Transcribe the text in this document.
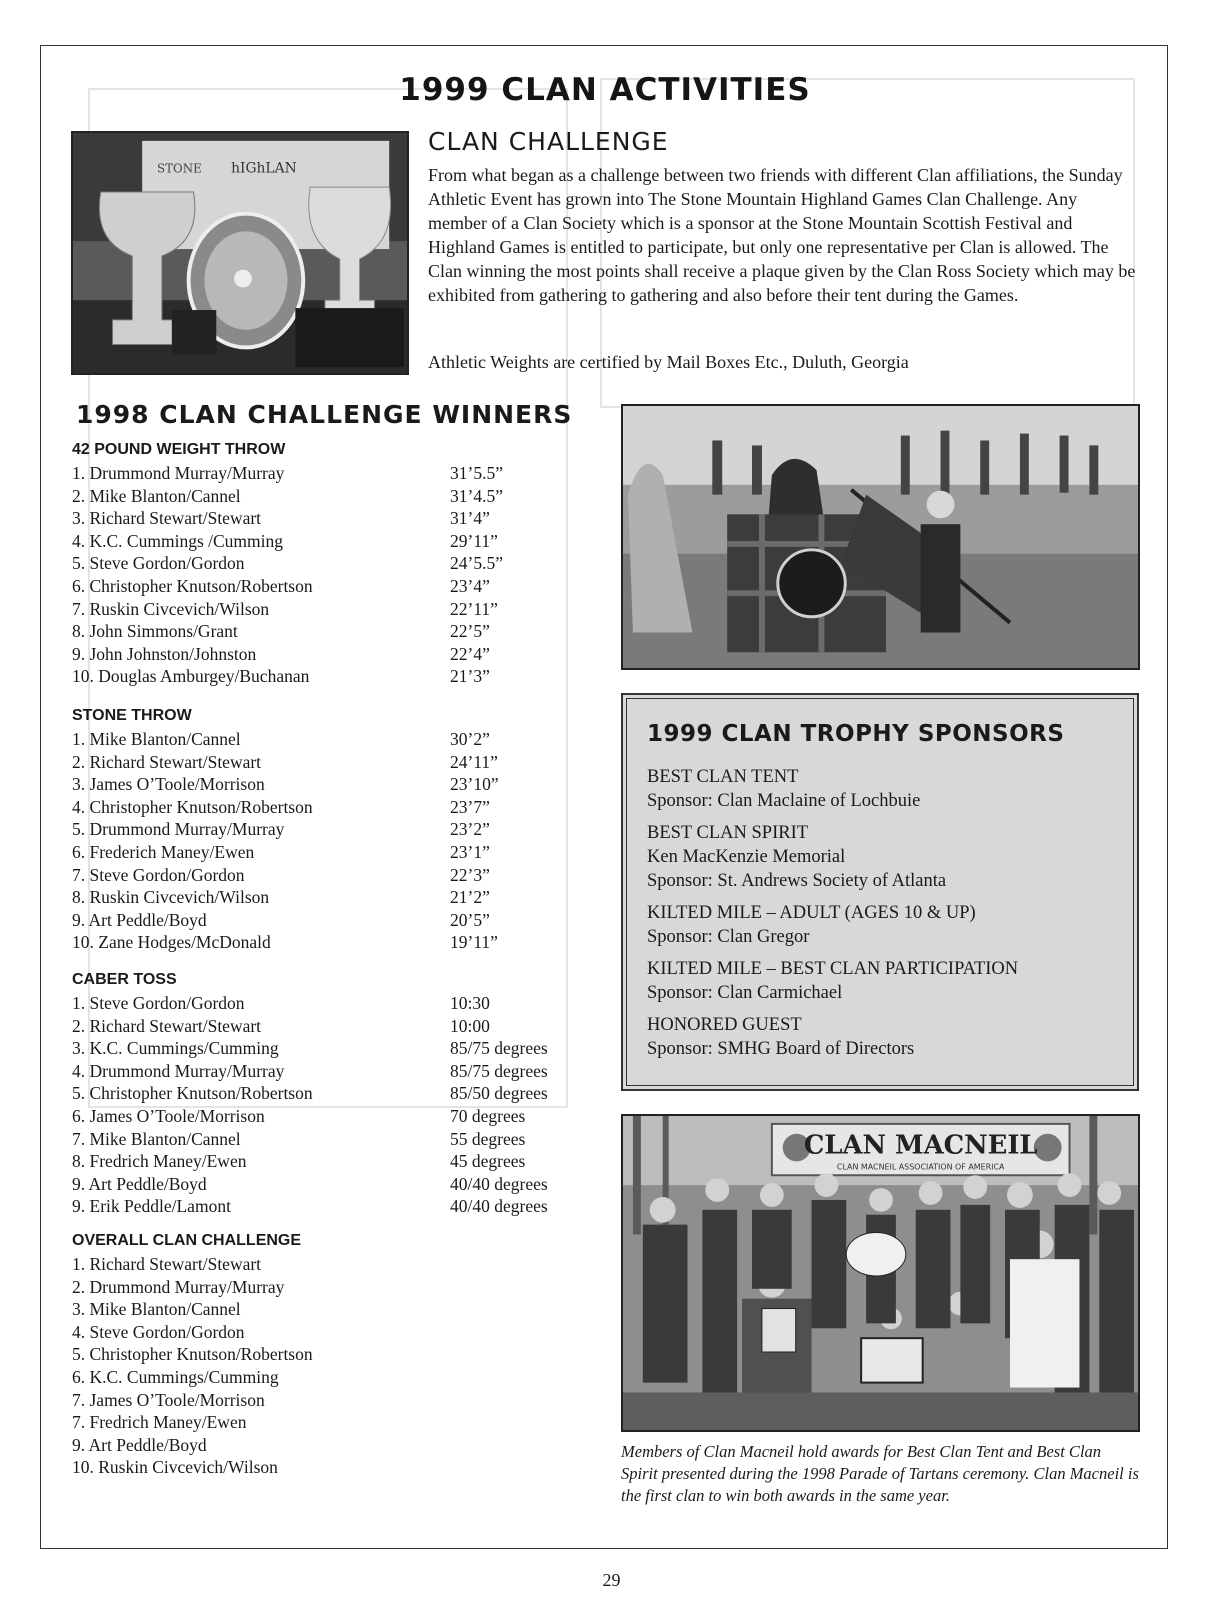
1999 CLAN ACTIVITIES
STONE hIGhLAN
CLAN CHALLENGE

From what began as a challenge between two friends with different Clan affiliations, the Sunday Athletic Event has grown into The Stone Mountain Highland Games Clan Challenge. Any member of a Clan Society which is a sponsor at the Stone Mountain Scottish Festival and Highland Games is entitled to participate, but only one representative per Clan is allowed. The Clan winning the most points shall receive a plaque given by the Clan Ross Society which may be exhibited from gathering to gathering and also before their tent during the Games.

Athletic Weights are certified by Mail Boxes Etc., Duluth, Georgia

1998 CLAN CHALLENGE WINNERS
42 POUND WEIGHT THROW
1. Drummond Murray/Murray	31’5.5”
2. Mike Blanton/Cannel	31’4.5”
3. Richard Stewart/Stewart	31’4”
4. K.C. Cummings /Cumming	29’11”
5. Steve Gordon/Gordon	24’5.5”
6. Christopher Knutson/Robertson	23’4”
7. Ruskin Civcevich/Wilson	22’11”
8. John Simmons/Grant	22’5”
9. John Johnston/Johnston	22’4”
10. Douglas Amburgey/Buchanan	21’3”
STONE THROW
1. Mike Blanton/Cannel	30’2”
2. Richard Stewart/Stewart	24’11”
3. James O’Toole/Morrison	23’10”
4. Christopher Knutson/Robertson	23’7”
5. Drummond Murray/Murray	23’2”
6. Frederich Maney/Ewen	23’1”
7. Steve Gordon/Gordon	22’3”
8. Ruskin Civcevich/Wilson	21’2”
9. Art Peddle/Boyd	20’5”
10. Zane Hodges/McDonald	19’11”
CABER TOSS
1. Steve Gordon/Gordon	10:30
2. Richard Stewart/Stewart	10:00
3. K.C. Cummings/Cumming	85/75 degrees
4. Drummond Murray/Murray	85/75 degrees
5. Christopher Knutson/Robertson	85/50 degrees
6. James O’Toole/Morrison	70 degrees
7. Mike Blanton/Cannel	55 degrees
8. Fredrich Maney/Ewen	45 degrees
9. Art Peddle/Boyd	40/40 degrees
9. Erik Peddle/Lamont	40/40 degrees
OVERALL CLAN CHALLENGE
1. Richard Stewart/Stewart
2. Drummond Murray/Murray
3. Mike Blanton/Cannel
4. Steve Gordon/Gordon
5. Christopher Knutson/Robertson
6. K.C. Cummings/Cumming
7. James O’Toole/Morrison
7. Fredrich Maney/Ewen
9. Art Peddle/Boyd
10. Ruskin Civcevich/Wilson
1999 CLAN TROPHY SPONSORS
BEST CLAN TENT
Sponsor: Clan Maclaine of Lochbuie
BEST CLAN SPIRIT
Ken MacKenzie Memorial
Sponsor: St. Andrews Society of Atlanta
KILTED MILE – ADULT (AGES 10 & UP)
Sponsor: Clan Gregor
KILTED MILE – BEST CLAN PARTICIPATION
Sponsor: Clan Carmichael
HONORED GUEST
Sponsor: SMHG Board of Directors
CLAN MACNEIL
CLAN MACNEIL ASSOCIATION OF AMERICA

Members of Clan Macneil hold awards for Best Clan Tent and Best Clan Spirit presented during the 1998 Parade of Tartans ceremony. Clan Macneil is the first clan to win both awards in the same year.

29
